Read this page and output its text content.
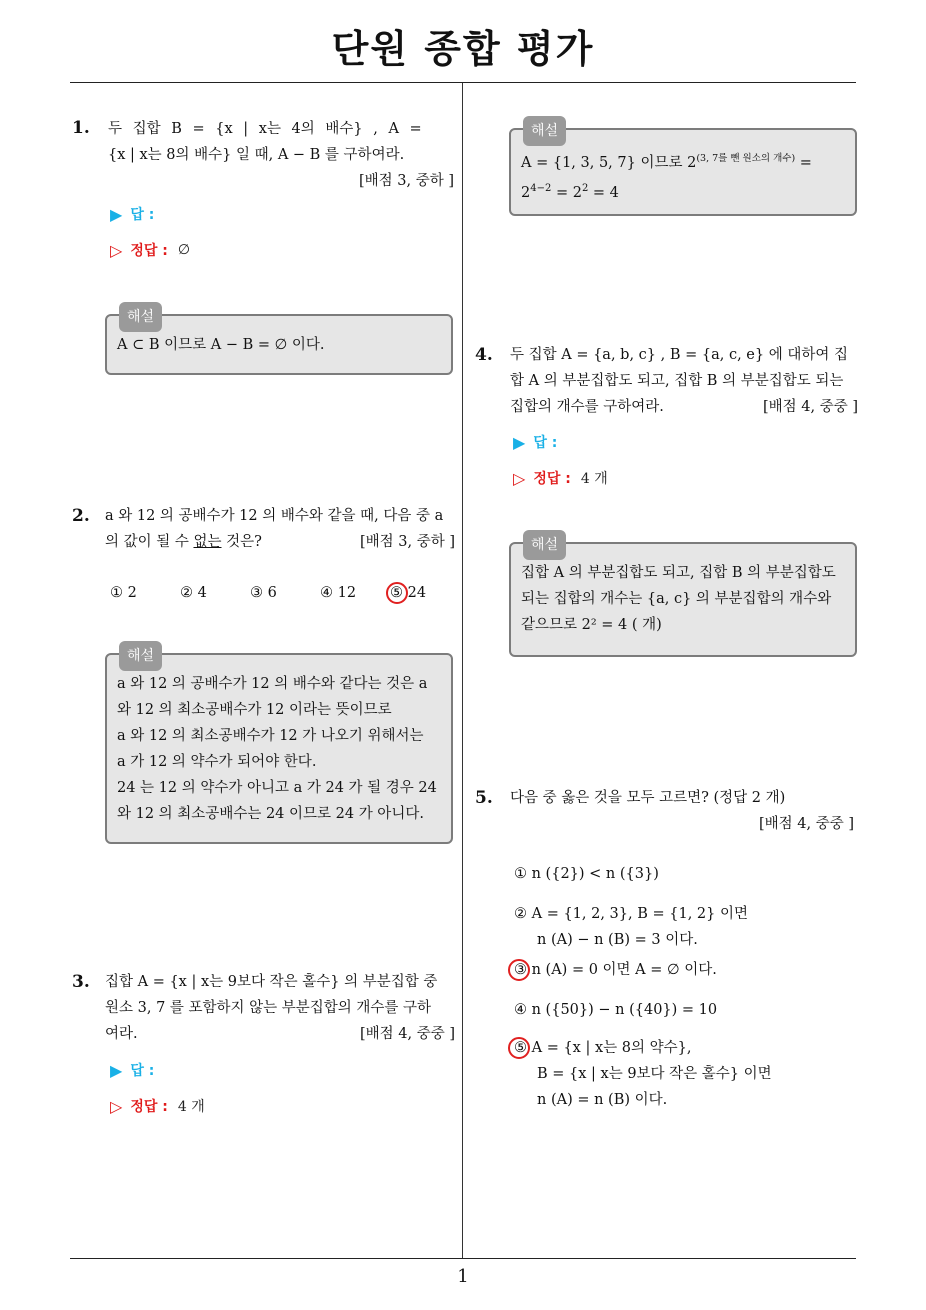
단원 종합 평가
1
1. 두 집합 B = {x | x는 4의 배수} , A =
{x | x는 8의 배수} 일 때, A − B 를 구하여라.
[배점 3, 중하 ]
▶ 답 :
▷ 정답 : ∅
해설
A ⊂ B 이므로 A − B = ∅ 이다.
2. a 와 12 의 공배수가 12 의 배수와 같을 때, 다음 중 a
의 값이 될 수 없는 것은?	[배점 3, 중하 ]
① 2	② 4	③ 6	④ 12 ⑤ 24
해설
a 와 12 의 공배수가 12 의 배수와 같다는 것은 a
와 12 의 최소공배수가 12 이라는 뜻이므로
a 와 12 의 최소공배수가 12 가 나오기 위해서는
a 가 12 의 약수가 되어야 한다.
24 는 12 의 약수가 아니고 a 가 24 가 될 경우 24
와 12 의 최소공배수는 24 이므로 24 가 아니다.
3. 집합 A = {x | x는 9보다 작은 홀수} 의 부분집합 중
원소 3, 7 를 포함하지 않는 부분집합의 개수를 구하
여라.	[배점 4, 중중 ]
▶ 답 :
▷ 정답 : 4 개
해설
A = {1, 3, 5, 7} 이므로 $2^{(3, 7를 뺀 원소의 개수)}$ =
$2^{4-2} = 2^2 = 4$
4. 두 집합 A = {a, b, c} , B = {a, c, e} 에 대하여 집
합 A 의 부분집합도 되고, 집합 B 의 부분집합도 되는
집합의 개수를 구하여라.	[배점 4, 중중 ]
▶ 답 :
▷ 정답 : 4 개
해설
집합 A 의 부분집합도 되고, 집합 B 의 부분집합도
되는 집합의 개수는 {a, c} 의 부분집합의 개수와
같으므로 2² = 4 ( 개)
5. 다음 중 옳은 것을 모두 고르면? (정답 2 개)
[배점 4, 중중 ]
① n ({2}) < n ({3})
② A = {1, 2, 3}, B = {1, 2} 이면
n (A) − n (B) = 3 이다.
③ n (A) = 0 이면 A = ∅ 이다.
④ n ({50}) − n ({40}) = 10
⑤ A = {x | x는 8의 약수},
B = {x | x는 9보다 작은 홀수} 이면
n (A) = n (B) 이다.
